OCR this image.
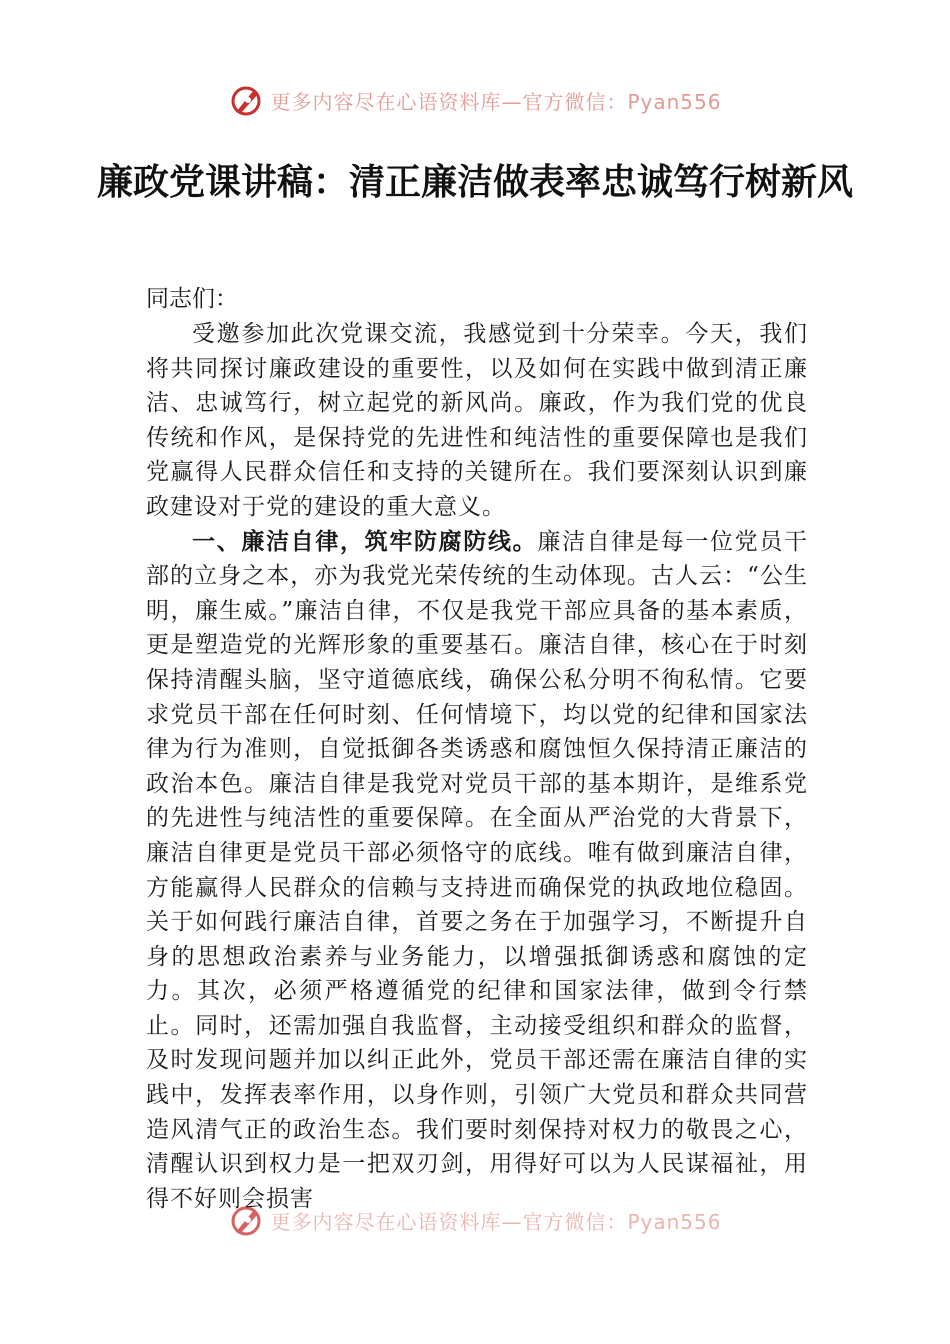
更多内容尽在心语资料库—官方微信：Pyan556
廉政党课讲稿：清正廉洁做表率忠诚笃行树新风

同志们：

受邀参加此次党课交流，我感觉到十分荣幸。今天，我们将共同探讨廉政建设的重要性，以及如何在实践中做到清正廉洁、忠诚笃行，树立起党的新风尚。廉政，作为我们党的优良传统和作风，是保持党的先进性和纯洁性的重要保障也是我们党赢得人民群众信任和支持的关键所在。我们要深刻认识到廉政建设对于党的建设的重大意义。

一、廉洁自律，筑牢防腐防线。廉洁自律是每一位党员干部的立身之本，亦为我党光荣传统的生动体现。古人云：“公生明，廉生威。”廉洁自律，不仅是我党干部应具备的基本素质，更是塑造党的光辉形象的重要基石。廉洁自律，核心在于时刻保持清醒头脑，坚守道德底线，确保公私分明不徇私情。它要求党员干部在任何时刻、任何情境下，均以党的纪律和国家法律为行为准则，自觉抵御各类诱惑和腐蚀恒久保持清正廉洁的政治本色。廉洁自律是我党对党员干部的基本期许，是维系党的先进性与纯洁性的重要保障。在全面从严治党的大背景下，廉洁自律更是党员干部必须恪守的底线。唯有做到廉洁自律，方能赢得人民群众的信赖与支持进而确保党的执政地位稳固。关于如何践行廉洁自律，首要之务在于加强学习，不断提升自身的思想政治素养与业务能力，以增强抵御诱惑和腐蚀的定力。其次，必须严格遵循党的纪律和国家法律，做到令行禁止。同时，还需加强自我监督，主动接受组织和群众的监督，及时发现问题并加以纠正此外，党员干部还需在廉洁自律的实践中，发挥表率作用，以身作则，引领广大党员和群众共同营造风清气正的政治生态。我们要时刻保持对权力的敬畏之心，清醒认识到权力是一把双刃剑，用得好可以为人民谋福祉，用得不好则会损害

更多内容尽在心语资料库—官方微信：Pyan556
